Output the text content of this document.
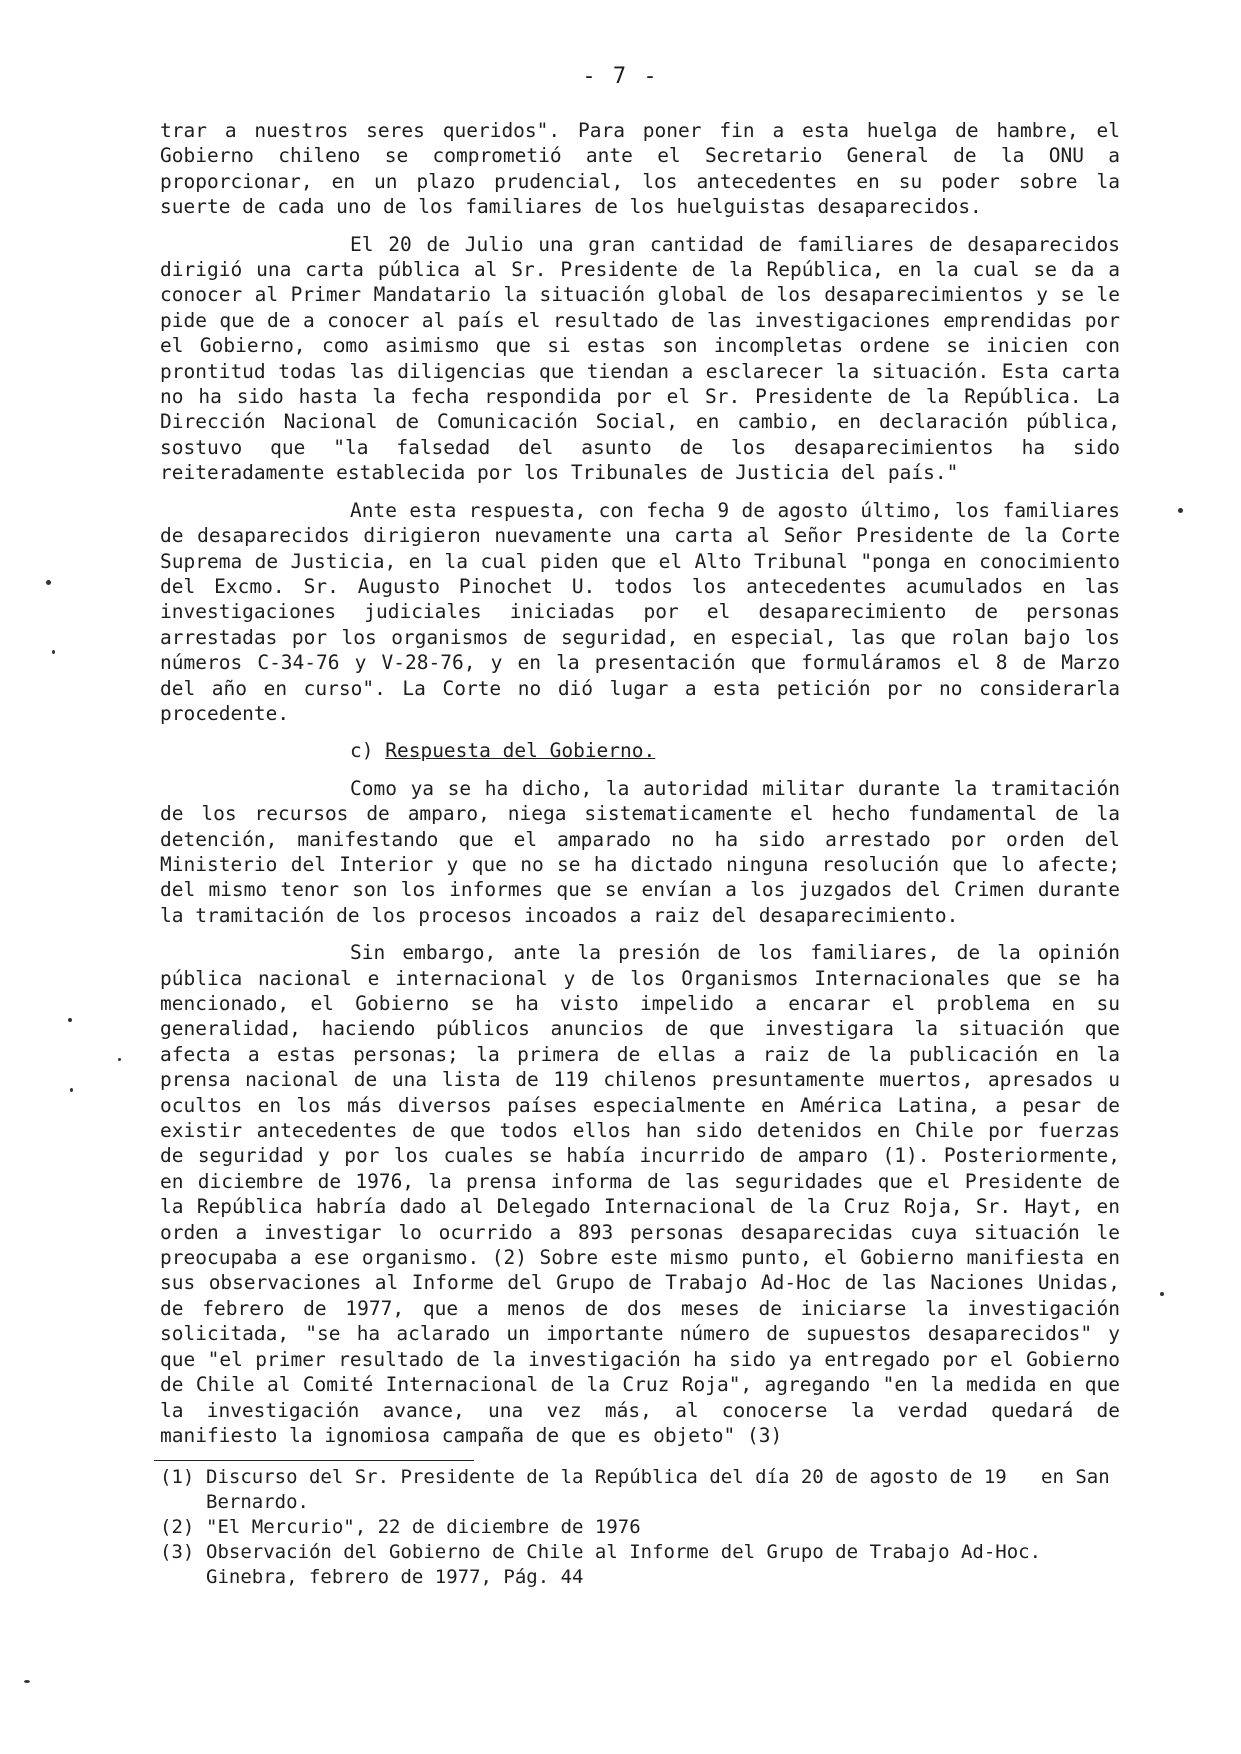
- 7 -

trar a nuestros seres queridos". Para poner fin a esta huelga de hambre, el Gobierno chileno se comprometió ante el Secretario General de la ONU a proporcionar, en un plazo prudencial, los antecedentes en su poder sobre la suerte de cada uno de los familiares de los huelguistas desaparecidos.

El 20 de Julio una gran cantidad de familiares de desaparecidos dirigió una carta pública al Sr. Presidente de la República, en la cual se da a conocer al Primer Mandatario la situación global de los desaparecimientos y se le pide que de a conocer al país el resultado de las investigaciones emprendidas por el Gobierno, como asimismo que si estas son incompletas ordene se inicien con prontitud todas las diligencias que tiendan a esclarecer la situación. Esta carta no ha sido hasta la fecha respondida por el Sr. Presidente de la República. La Dirección Nacional de Comunicación Social, en cambio, en declaración pública, sostuvo que "la falsedad del asunto de los desaparecimientos ha sido reiteradamente establecida por los Tribunales de Justicia del país."

Ante esta respuesta, con fecha 9 de agosto último, los familiares de desaparecidos dirigieron nuevamente una carta al Señor Presidente de la Corte Suprema de Justicia, en la cual piden que el Alto Tribunal "ponga en conocimiento del Excmo. Sr. Augusto Pinochet U. todos los antecedentes acumulados en las investigaciones judiciales iniciadas por el desaparecimiento de personas arrestadas por los organismos de seguridad, en especial, las que rolan bajo los números C-34-76 y V-28-76, y en la presentación que formuláramos el 8 de Marzo del año en curso". La Corte no dió lugar a esta petición por no considerarla procedente.

c) Respuesta del Gobierno.

Como ya se ha dicho, la autoridad militar durante la tramitación de los recursos de amparo, niega sistematicamente el hecho fundamental de la detención, manifestando que el amparado no ha sido arrestado por orden del Ministerio del Interior y que no se ha dictado ninguna resolución que lo afecte; del mismo tenor son los informes que se envían a los juzgados del Crimen durante la tramitación de los procesos incoados a raiz del desaparecimiento.

Sin embargo, ante la presión de los familiares, de la opinión pública nacional e internacional y de los Organismos Internacionales que se ha mencionado, el Gobierno se ha visto impelido a encarar el problema en su generalidad, haciendo públicos anuncios de que investigara la situación que afecta a estas personas; la primera de ellas a raiz de la publicación en la prensa nacional de una lista de 119 chilenos presuntamente muertos, apresados u ocultos en los más diversos países especialmente en América Latina, a pesar de existir antecedentes de que todos ellos han sido detenidos en Chile por fuerzas de seguridad y por los cuales se había incurrido de amparo (1). Posteriormente, en diciembre de 1976, la prensa informa de las seguridades que el Presidente de la República habría dado al Delegado Internacional de la Cruz Roja, Sr. Hayt, en orden a investigar lo ocurrido a 893 personas desaparecidas cuya situación le preocupaba a ese organismo. (2) Sobre este mismo punto, el Gobierno manifiesta en sus observaciones al Informe del Grupo de Trabajo Ad-Hoc de las Naciones Unidas, de febrero de 1977, que a menos de dos meses de iniciarse la investigación solicitada, "se ha aclarado un importante número de supuestos desaparecidos" y que "el primer resultado de la investigación ha sido ya entregado por el Gobierno de Chile al Comité Internacional de la Cruz Roja", agregando "en la medida en que la investigación avance, una vez más, al conocerse la verdad quedará de manifiesto la ignomiosa campaña de que es objeto" (3)

(1) Discurso del Sr. Presidente de la República del día 20 de agosto de 19   en San Bernardo.
(2) "El Mercurio", 22 de diciembre de 1976
(3) Observación del Gobierno de Chile al Informe del Grupo de Trabajo Ad-Hoc. Ginebra, febrero de 1977, Pág. 44
